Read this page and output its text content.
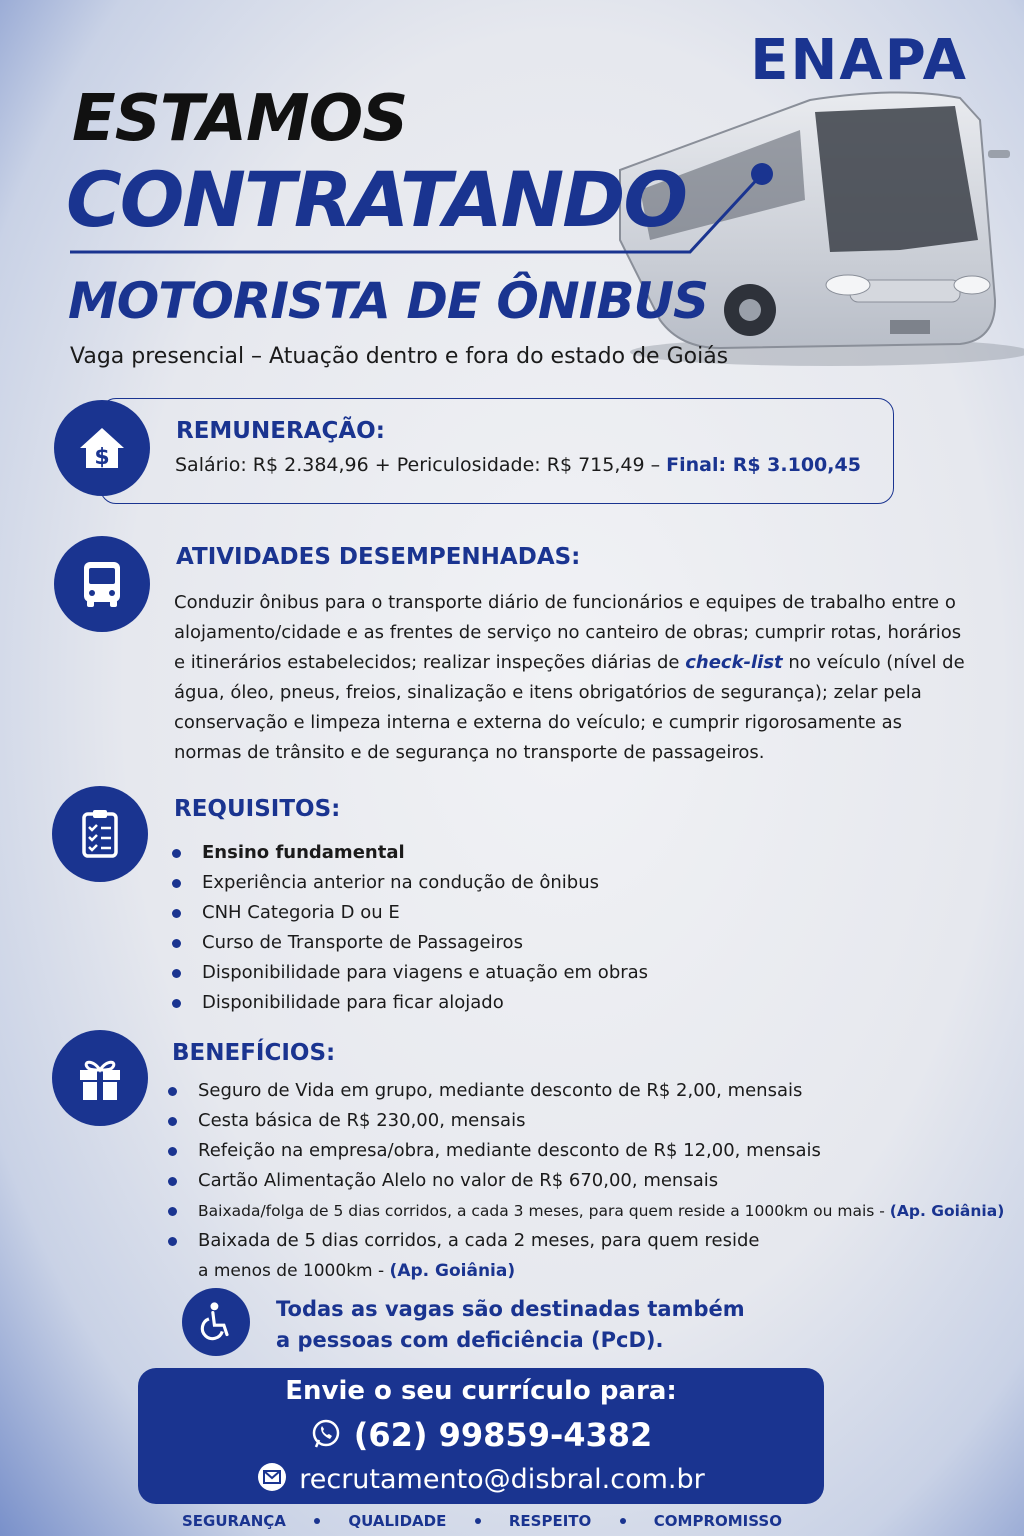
ENAPA
ESTAMOS
CONTRATANDO
MOTORISTA DE ÔNIBUS
Vaga presencial – Atuação dentro e fora do estado de Goiás
$
REMUNERAÇÃO:
Salário: R$ 2.384,96 + Periculosidade: R$ 715,49 – Final: R$ 3.100,45
ATIVIDADES DESEMPENHADAS:
Conduzir ônibus para o transporte diário de funcionários e equipes de trabalho entre o alojamento/cidade e as frentes de serviço no canteiro de obras; cumprir rotas, horários e itinerários estabelecidos; realizar inspeções diárias de check-list no veículo (nível de água, óleo, pneus, freios, sinalização e itens obrigatórios de segurança); zelar pela conservação e limpeza interna e externa do veículo; e cumprir rigorosamente as normas de trânsito e de segurança no transporte de passageiros.
REQUISITOS:
Ensino fundamental
Experiência anterior na condução de ônibus
CNH Categoria D ou E
Curso de Transporte de Passageiros
Disponibilidade para viagens e atuação em obras
Disponibilidade para ficar alojado
BENEFÍCIOS:
Seguro de Vida em grupo, mediante desconto de R$ 2,00, mensais
Cesta básica de R$ 230,00, mensais
Refeição na empresa/obra, mediante desconto de R$ 12,00, mensais
Cartão Alimentação Alelo no valor de R$ 670,00, mensais
Baixada/folga de 5 dias corridos, a cada 3 meses, para quem reside a 1000km ou mais - (Ap. Goiânia)
Baixada de 5 dias corridos, a cada 2 meses, para quem reside
a menos de 1000km - (Ap. Goiânia)
Todas as vagas são destinadas também
a pessoas com deficiência (PcD).
Envie o seu currículo para:
(62) 99859-4382
recrutamento@disbral.com.br
SEGURANÇA	QUALIDADE	RESPEITO	COMPROMISSO
